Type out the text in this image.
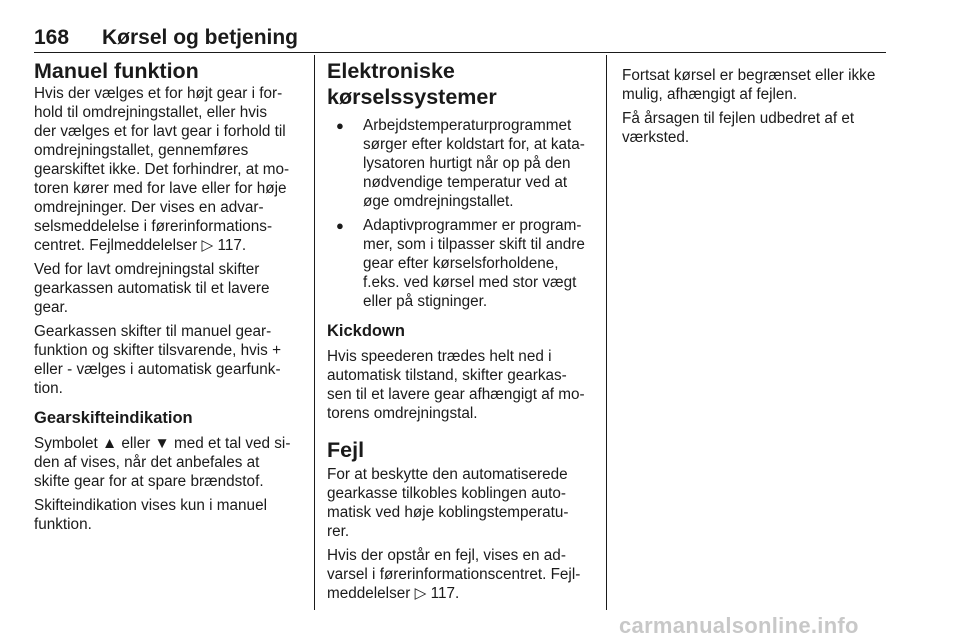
168 Kørsel og betjening
Manuel funktion

Hvis der vælges et for højt gear i for-
hold til omdrejningstallet, eller hvis
der vælges et for lavt gear i forhold til
omdrejningstallet, gennemføres
gearskiftet ikke. Det forhindrer, at mo-
toren kører med for lave eller for høje
omdrejninger. Der vises en advar-
selsmeddelelse i førerinformations-
centret. Fejlmeddelelser ▷ 117.

Ved for lavt omdrejningstal skifter
gearkassen automatisk til et lavere
gear.

Gearkassen skifter til manuel gear-
funktion og skifter tilsvarende, hvis +
eller - vælges i automatisk gearfunk-
tion.

Gearskifteindikation

Symbolet ▲ eller ▼ med et tal ved si-
den af vises, når det anbefales at
skifte gear for at spare brændstof.

Skifteindikation vises kun i manuel
funktion.

Elektroniske
kørselssystemer
● Arbejdstemperaturprogrammet
sørger efter koldstart for, at kata-
lysatoren hurtigt når op på den
nødvendige temperatur ved at
øge omdrejningstallet.
● Adaptivprogrammer er program-
mer, som i tilpasser skift til andre
gear efter kørselsforholdene,
f.eks. ved kørsel med stor vægt
eller på stigninger.
Kickdown

Hvis speederen trædes helt ned i
automatisk tilstand, skifter gearkas-
sen til et lavere gear afhængigt af mo-
torens omdrejningstal.

Fejl

For at beskytte den automatiserede
gearkasse tilkobles koblingen auto-
matisk ved høje koblingstemperatu-
rer.

Hvis der opstår en fejl, vises en ad-
varsel i førerinformationscentret. Fejl-
meddelelser ▷ 117.

Fortsat kørsel er begrænset eller ikke
mulig, afhængigt af fejlen.

Få årsagen til fejlen udbedret af et
værksted.

carmanualsonline.info
